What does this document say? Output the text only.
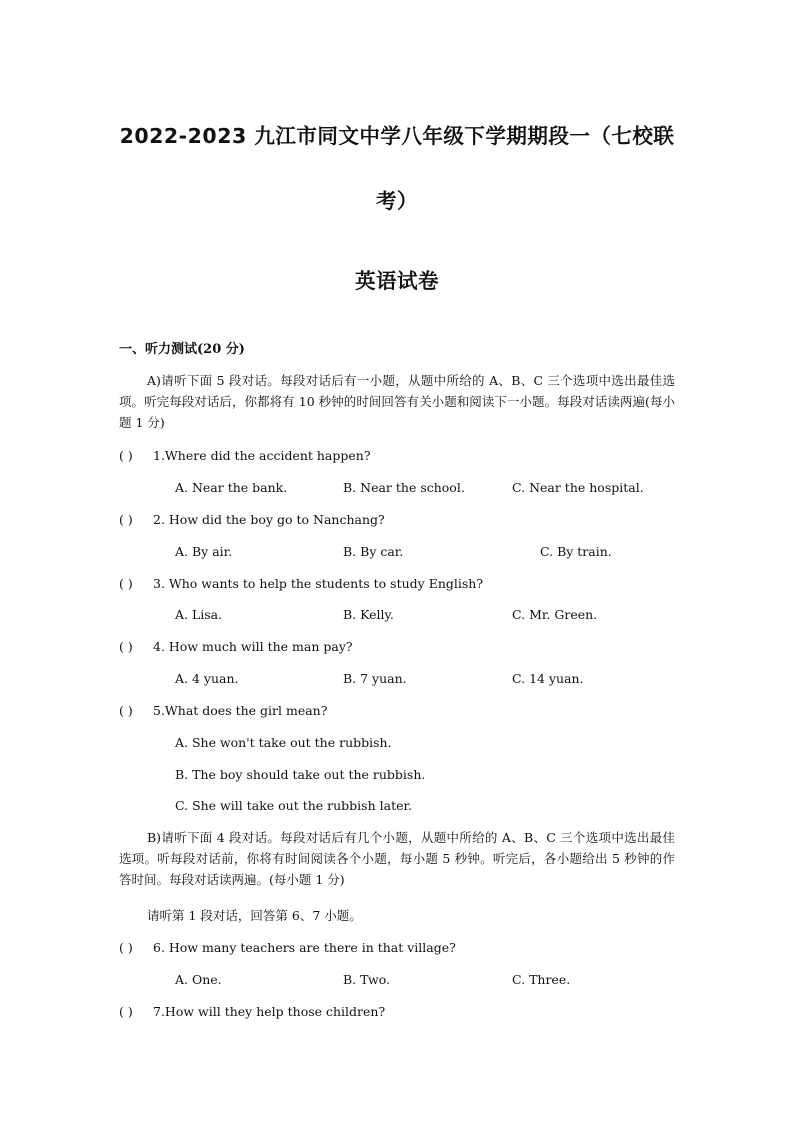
2022-2023 九江市同文中学八年级下学期期段一（七校联
考）
英语试卷
一、听力测试(20 分)
A)请听下面 5 段对话。每段对话后有一小题，从题中所给的 A、B、C 三个选项中选出最佳选项。听完每段对话后，你都将有 10 秒钟的时间回答有关小题和阅读下一小题。每段对话读两遍(每小题 1 分)
( ) 1.Where did the accident happen?
A. Near the bank.	B. Near the school.	C. Near the hospital.
( ) 2. How did the boy go to Nanchang?
A. By air.	B. By car.	C. By train.
( ) 3. Who wants to help the students to study English?
A. Lisa.	B. Kelly.	C. Mr. Green.
( ) 4. How much will the man pay?
A. 4 yuan.	B. 7 yuan.	C. 14 yuan.
( ) 5.What does the girl mean?
A. She won't take out the rubbish.
B. The boy should take out the rubbish.
C. She will take out the rubbish later.
B)请听下面 4 段对话。每段对话后有几个小题，从题中所给的 A、B、C 三个选项中选出最佳选项。听每段对话前，你将有时间阅读各个小题，每小题 5 秒钟。听完后，各小题给出 5 秒钟的作答时间。每段对话读两遍。(每小题 1 分)
请听第 1 段对话，回答第 6、7 小题。
( ) 6. How many teachers are there in that village?
A. One.	B. Two.	C. Three.
( ) 7.How will they help those children?
